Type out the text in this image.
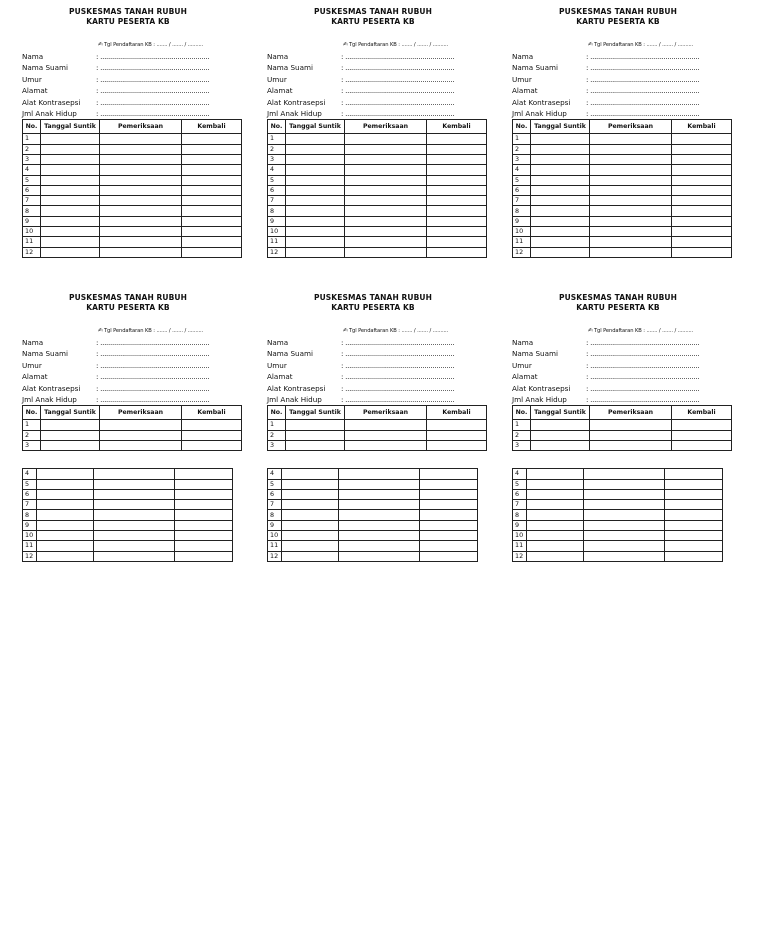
PUSKESMAS TANAH RUBUH
KARTU PESERTA KB
✍Tgl Pendaftaran KB : ....... / ....... / ..........
Nama	: .......................................................
Nama Suami	: .......................................................
Umur	: .......................................................
Alamat	: .......................................................
Alat Kontrasepsi	: .......................................................
Jml Anak Hidup	: .......................................................
No.	Tanggal Suntik	Pemeriksaan	Kembali
1			
2			
3			
4			
5			
6			
7			
8			
9			
10			
11			
12			
PUSKESMAS TANAH RUBUH
KARTU PESERTA KB
✍Tgl Pendaftaran KB : ....... / ....... / ..........
Nama	: .......................................................
Nama Suami	: .......................................................
Umur	: .......................................................
Alamat	: .......................................................
Alat Kontrasepsi	: .......................................................
Jml Anak Hidup	: .......................................................
No.	Tanggal Suntik	Pemeriksaan	Kembali
1			
2			
3			
4			
5			
6			
7			
8			
9			
10			
11			
12			
PUSKESMAS TANAH RUBUH
KARTU PESERTA KB
✍Tgl Pendaftaran KB : ....... / ....... / ..........
Nama	: .......................................................
Nama Suami	: .......................................................
Umur	: .......................................................
Alamat	: .......................................................
Alat Kontrasepsi	: .......................................................
Jml Anak Hidup	: .......................................................
No.	Tanggal Suntik	Pemeriksaan	Kembali
1			
2			
3			
4			
5			
6			
7			
8			
9			
10			
11			
12			
PUSKESMAS TANAH RUBUH
KARTU PESERTA KB
✍Tgl Pendaftaran KB : ....... / ....... / ..........
Nama	: .......................................................
Nama Suami	: .......................................................
Umur	: .......................................................
Alamat	: .......................................................
Alat Kontrasepsi	: .......................................................
Jml Anak Hidup	: .......................................................
No.	Tanggal Suntik	Pemeriksaan	Kembali
1			
2			
3			
4			
5			
6			
7			
8			
9			
10			
11			
12			
PUSKESMAS TANAH RUBUH
KARTU PESERTA KB
✍Tgl Pendaftaran KB : ....... / ....... / ..........
Nama	: .......................................................
Nama Suami	: .......................................................
Umur	: .......................................................
Alamat	: .......................................................
Alat Kontrasepsi	: .......................................................
Jml Anak Hidup	: .......................................................
No.	Tanggal Suntik	Pemeriksaan	Kembali
1			
2			
3			
4			
5			
6			
7			
8			
9			
10			
11			
12			
PUSKESMAS TANAH RUBUH
KARTU PESERTA KB
✍Tgl Pendaftaran KB : ....... / ....... / ..........
Nama	: .......................................................
Nama Suami	: .......................................................
Umur	: .......................................................
Alamat	: .......................................................
Alat Kontrasepsi	: .......................................................
Jml Anak Hidup	: .......................................................
No.	Tanggal Suntik	Pemeriksaan	Kembali
1			
2			
3			
4			
5			
6			
7			
8			
9			
10			
11			
12			
